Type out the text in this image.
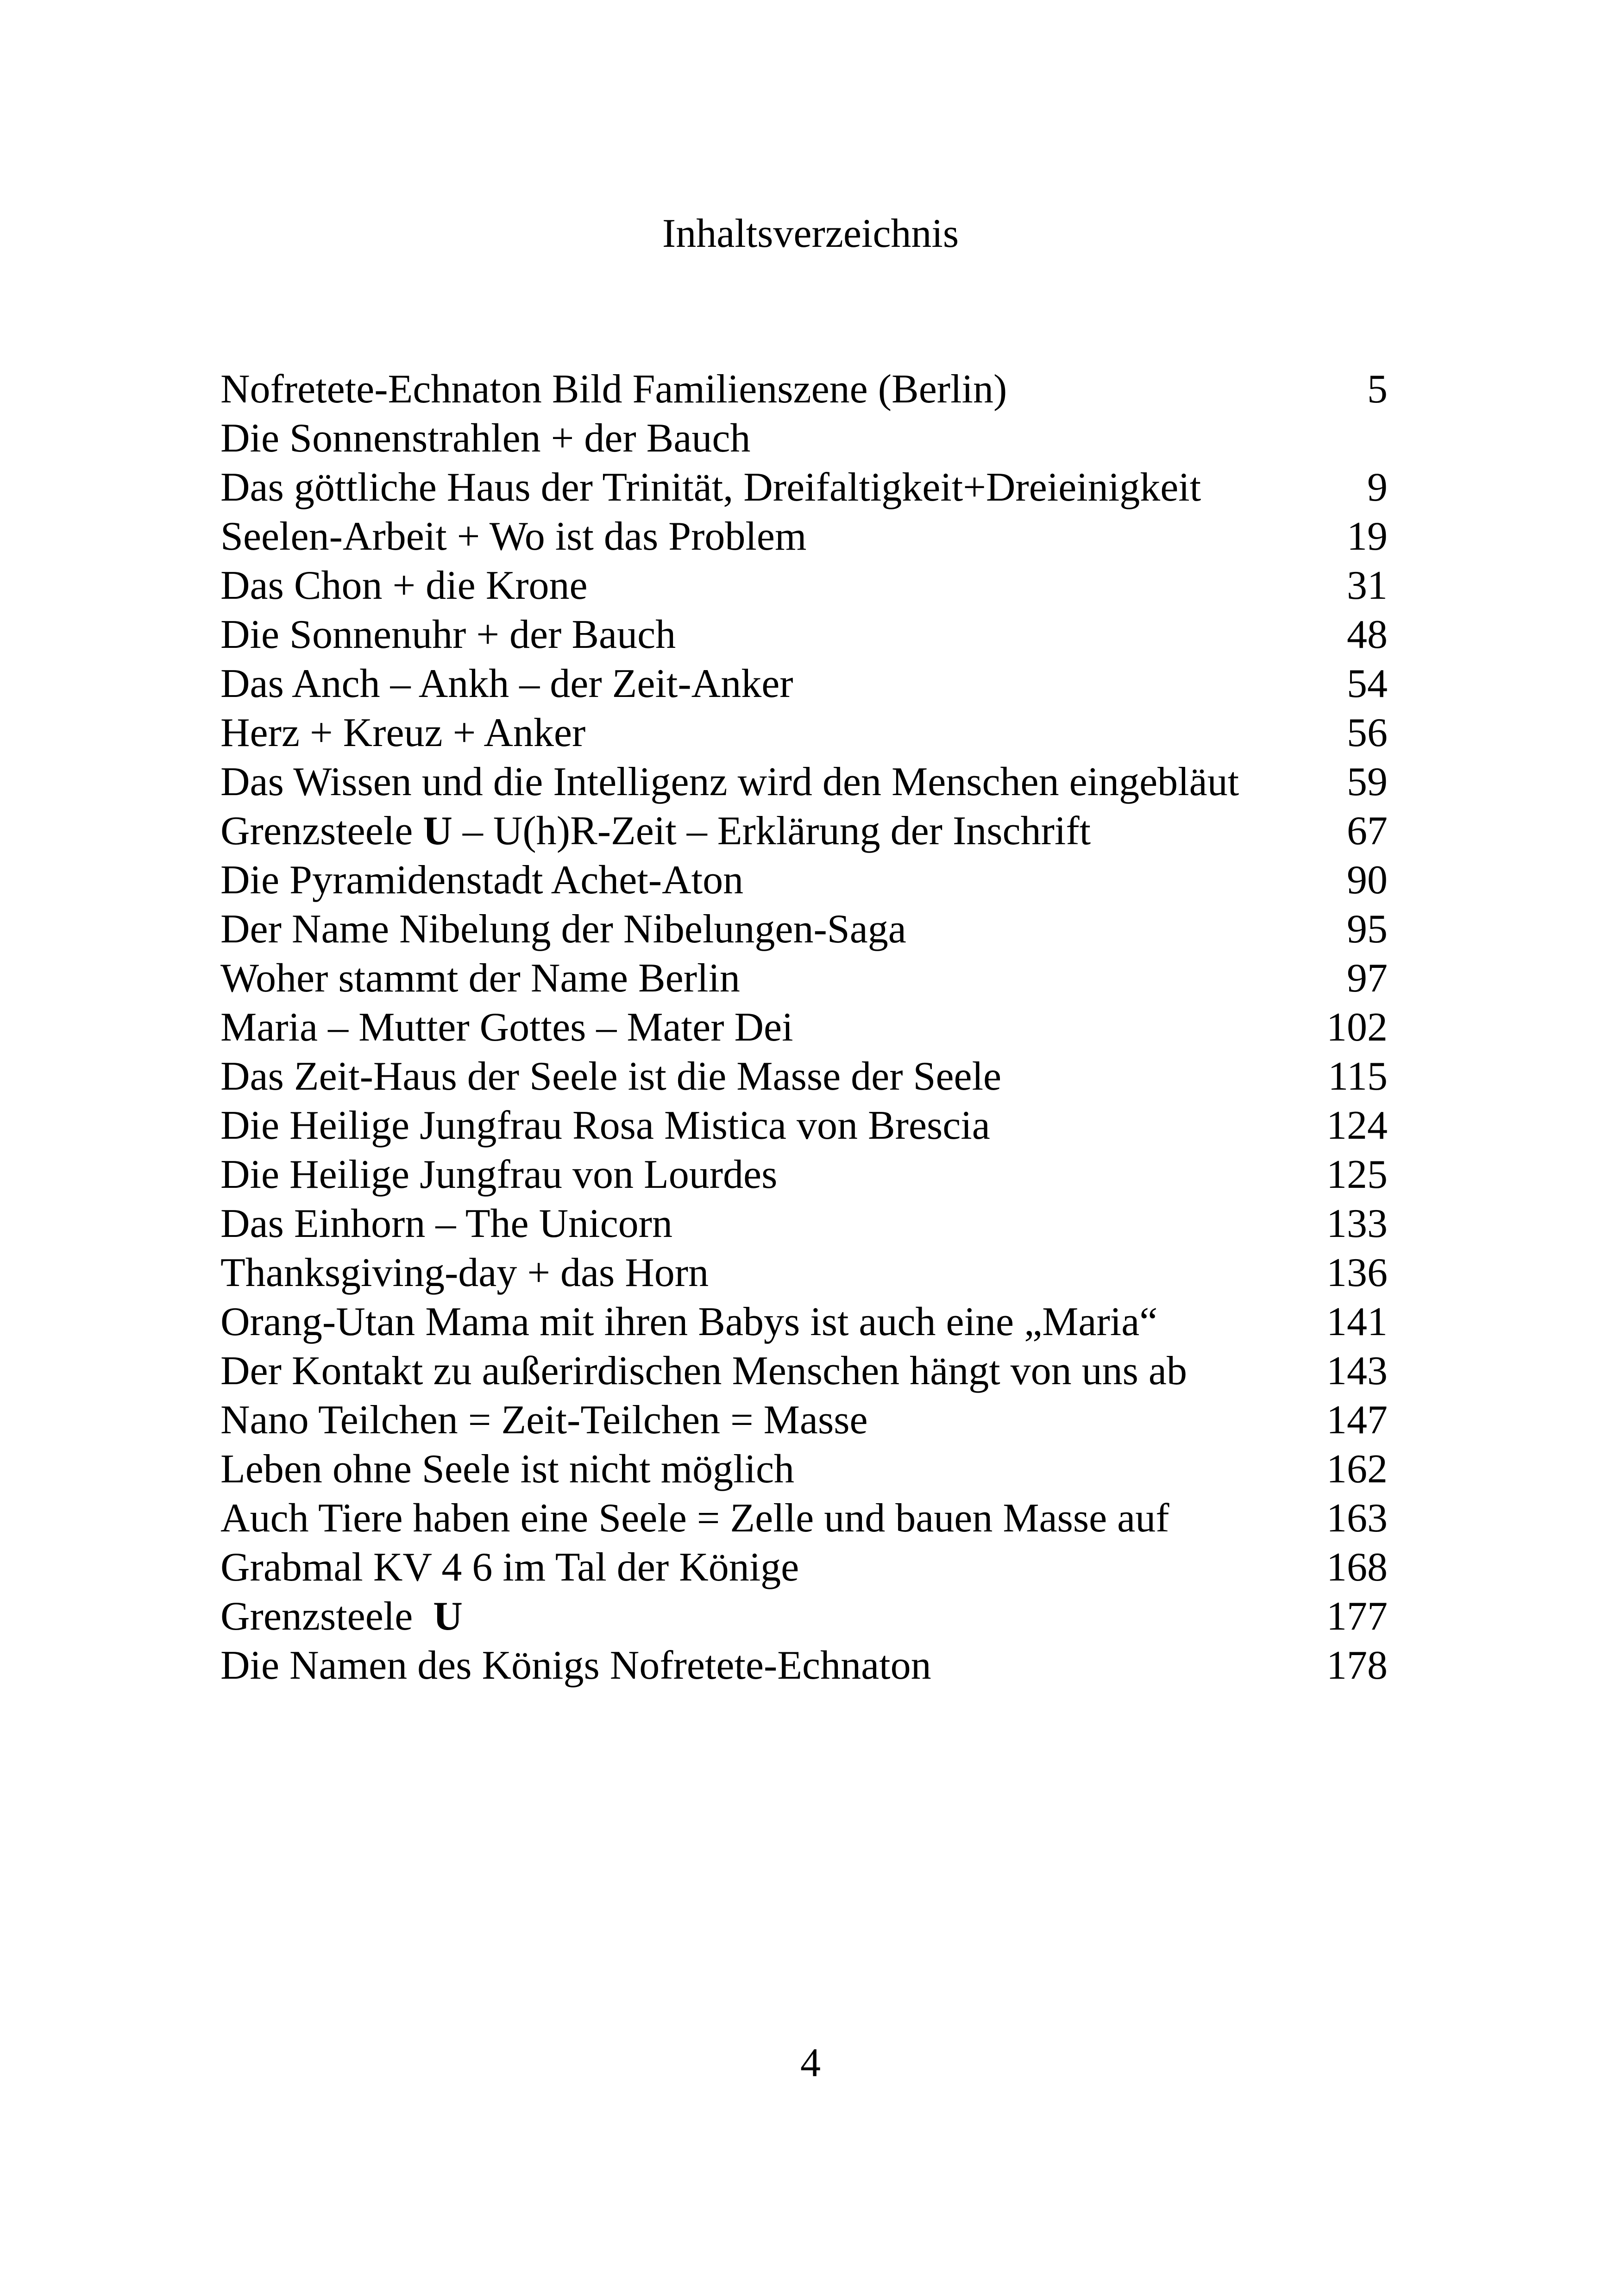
Inhaltsverzeichnis
Nofretete-Echnaton Bild Familienszene (Berlin)	5
Die Sonnenstrahlen + der Bauch
Das göttliche Haus der Trinität, Dreifaltigkeit+Dreieinigkeit	9
Seelen-Arbeit + Wo ist das Problem	19
Das Chon + die Krone	31
Die Sonnenuhr + der Bauch	48
Das Anch – Ankh – der Zeit-Anker	54
Herz + Kreuz + Anker	56
Das Wissen und die Intelligenz wird den Menschen eingebläut	59
Grenzsteele U – U(h)R-Zeit – Erklärung der Inschrift	67
Die Pyramidenstadt Achet-Aton	90
Der Name Nibelung der Nibelungen-Saga	95
Woher stammt der Name Berlin	97
Maria – Mutter Gottes – Mater Dei	102
Das Zeit-Haus der Seele ist die Masse der Seele	115
Die Heilige Jungfrau Rosa Mistica von Brescia	124
Die Heilige Jungfrau von Lourdes	125
Das Einhorn – The Unicorn	133
Thanksgiving-day + das Horn	136
Orang-Utan Mama mit ihren Babys ist auch eine „Maria“	141
Der Kontakt zu außerirdischen Menschen hängt von uns ab	143
Nano Teilchen = Zeit-Teilchen = Masse	147
Leben ohne Seele ist nicht möglich	162
Auch Tiere haben eine Seele = Zelle und bauen Masse auf	163
Grabmal KV 4 6 im Tal der Könige	168
Grenzsteele  U	177
Die Namen des Königs Nofretete-Echnaton	178
4
